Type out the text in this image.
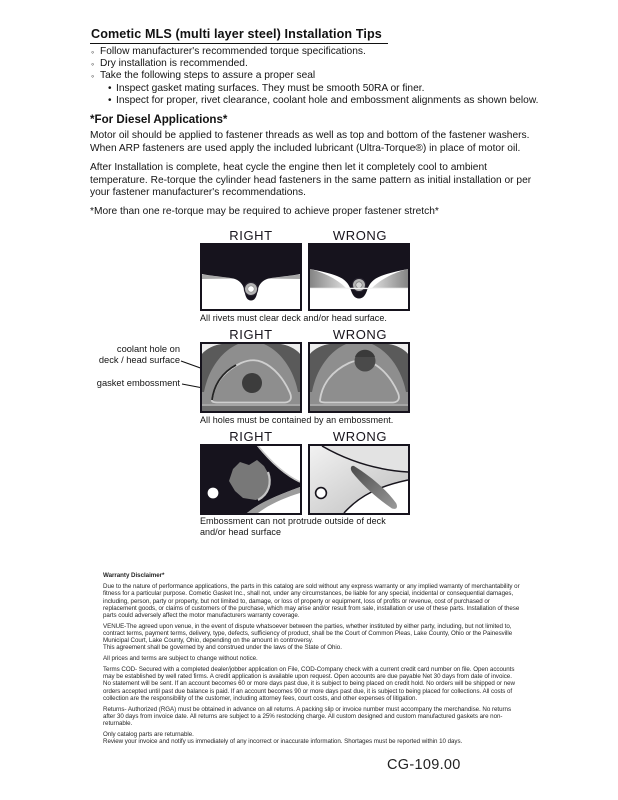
Cometic MLS (multi layer steel) Installation Tips
◦ Follow manufacturer's recommended torque specifications.
◦ Dry installation is recommended.
◦ Take the following steps to assure a proper seal
• Inspect gasket mating surfaces. They must be smooth 50RA or finer.
• Inspect for proper, rivet clearance, coolant hole and embossment alignments as shown below.
*For Diesel Applications*
Motor oil should be applied to fastener threads as well as top and bottom of the fastener washers. When ARP fasteners are used apply the included lubricant (Ultra-Torque®) in place of motor oil.
After Installation is complete, heat cycle the engine then let it completely cool to ambient temperature. Re-torque the cylinder head fasteners in the same pattern as initial installation or per your fastener manufacturer's recommendations.
*More than one re-torque may be required to achieve proper fastener stretch*
RIGHT	WRONG
All rivets must clear deck and/or head surface.
RIGHT	WRONG
coolant hole on
deck / head surface
gasket embossment
All holes must be contained by an embossment.
RIGHT	WRONG
Embossment can not protrude outside of deck
and/or head surface
Warranty Disclaimer*

Due to the nature of performance applications, the parts in this catalog are sold without any express warranty or any implied warranty of merchantability or fitness for a particular purpose. Cometic Gasket Inc., shall not, under any circumstances, be liable for any special, incidental or consequential damages, including, person, party or property, but not limited to, damage, or loss of property or equipment, loss of profits or revenue, cost of purchased or replacement goods, or claims of customers of the purchase, which may arise and/or result from sale, installation or use of these parts. Installation of these parts could adversely affect the motor manufacturers warranty coverage.

VENUE-The agreed upon venue, in the event of dispute whatsoever between the parties, whether instituted by either party, including, but not limited to, contract terms, payment terms, delivery, type, defects, sufficiency of product, shall be the Court of Common Pleas, Lake County, Ohio or the Painesville Municipal Court, Lake County, Ohio, depending on the amount in controversy.
This agreement shall be governed by and construed under the laws of the State of Ohio.

All prices and terms are subject to change without notice.

Terms COD- Secured with a completed dealer/jobber application on File, COD-Company check with a current credit card number on file. Open accounts may be established by well rated firms. A credit application is available upon request. Open accounts are due payable Net 30 days from date of invoice. No statement will be sent. If an account becomes 60 or more days past due, it is subject to being placed on credit hold. No orders will be shipped or new orders accepted until past due balance is paid. If an account becomes 90 or more days past due, it is subject to being placed for collections. All costs of collection are the responsibility of the customer, including attorney fees, court costs, and other expenses of litigation.

Returns- Authorized (RGA) must be obtained in advance on all returns. A packing slip or invoice number must accompany the merchandise. No returns after 30 days from invoice date. All returns are subject to a 25% restocking charge. All custom designed and custom manufactured gaskets are non-returnable.

Only catalog parts are returnable.
Review your invoice and notify us immediately of any incorrect or inaccurate information. Shortages must be reported within 10 days.

CG-109.00
